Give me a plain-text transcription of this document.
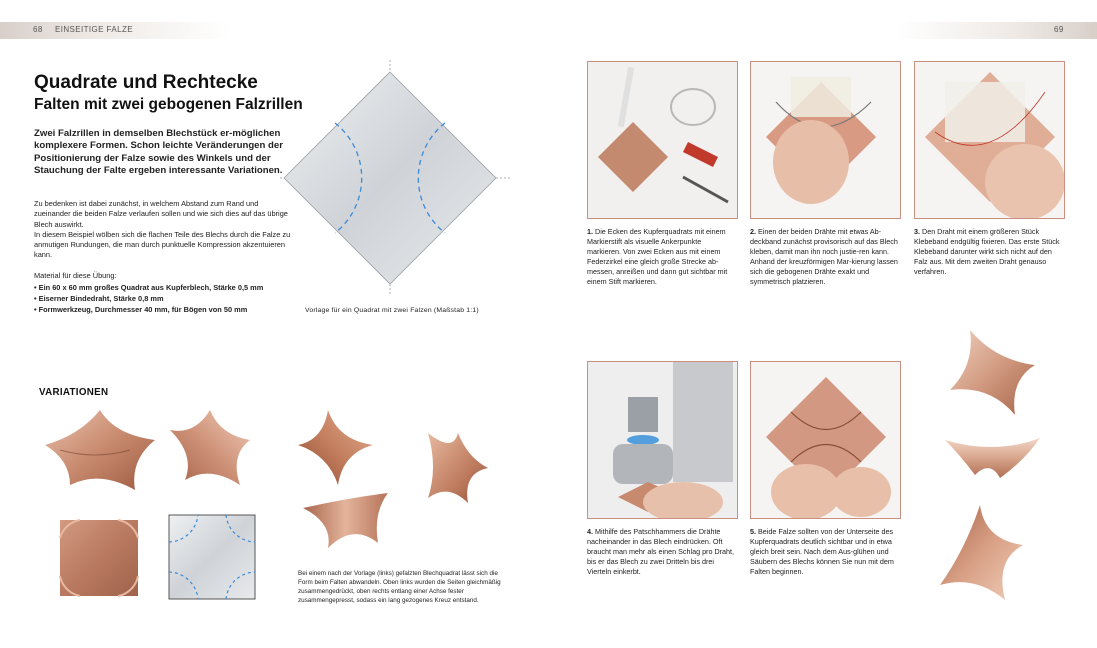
68 EINSEITIGE FALZE	69
Quadrate und Rechtecke
Falten mit zwei gebogenen Falzrillen

Zwei Falzrillen in demselben Blechstück er-möglichen komplexere Formen. Schon leichte Veränderungen der Positionierung der Falze sowie des Winkels und der Stauchung der Falte ergeben interessante Variationen.

Zu bedenken ist dabei zunächst, in welchem Abstand zum Rand und zueinander die beiden Falze verlaufen sollen und wie sich dies auf das übrige Blech auswirkt.

In diesem Beispiel wölben sich die flachen Teile des Blechs durch die Falze zu anmutigen Rundungen, die man durch punktuelle Kompression akzentuieren kann.

Material für diese Übung:

• Ein 60 x 60 mm großes Quadrat aus Kupferblech, Stärke 0,5 mm
• Eiserner Bindedraht, Stärke 0,8 mm
• Formwerkzeug, Durchmesser 40 mm, für Bögen von 50 mm	Vorlage für ein Quadrat mit zwei Falzen (Maßstab 1:1)

VARIATIONEN

Bei einem nach der Vorlage (links) gefalzten Blechquadrat lässt sich die Form beim Falten abwandeln. Oben links wurden die Seiten gleichmäßig zusammengedrückt, oben rechts entlang einer Achse fester zusammengepresst, sodass ein lang gezogenes Kreuz entstand.

1. Die Ecken des Kupferquadrats mit einem Markierstift als visuelle Ankerpunkte markieren. Von zwei Ecken aus mit einem Federzirkel eine gleich große Strecke ab-messen, anreißen und dann gut sichtbar mit einem Stift markieren.

2. Einen der beiden Drähte mit etwas Ab-deckband zunächst provisorisch auf das Blech kleben, damit man ihn noch justie-ren kann. Anhand der kreuzförmigen Mar-kierung lassen sich die gebogenen Drähte exakt und symmetrisch platzieren.

3. Den Draht mit einem größeren Stück Klebeband endgültig fixieren. Das erste Stück Klebeband darunter wirkt sich nicht auf den Falz aus. Mit dem zweiten Draht genauso verfahren.

4. Mithilfe des Patschhammers die Drähte nacheinander in das Blech eindrücken. Oft braucht man mehr als einen Schlag pro Draht, bis er das Blech zu zwei Dritteln bis drei Vierteln einkerbt.

5. Beide Falze sollten von der Unterseite des Kupferquadrats deutlich sichtbar und in etwa gleich breit sein. Nach dem Aus-glühen und Säubern des Blechs können Sie nun mit dem Falten beginnen.
